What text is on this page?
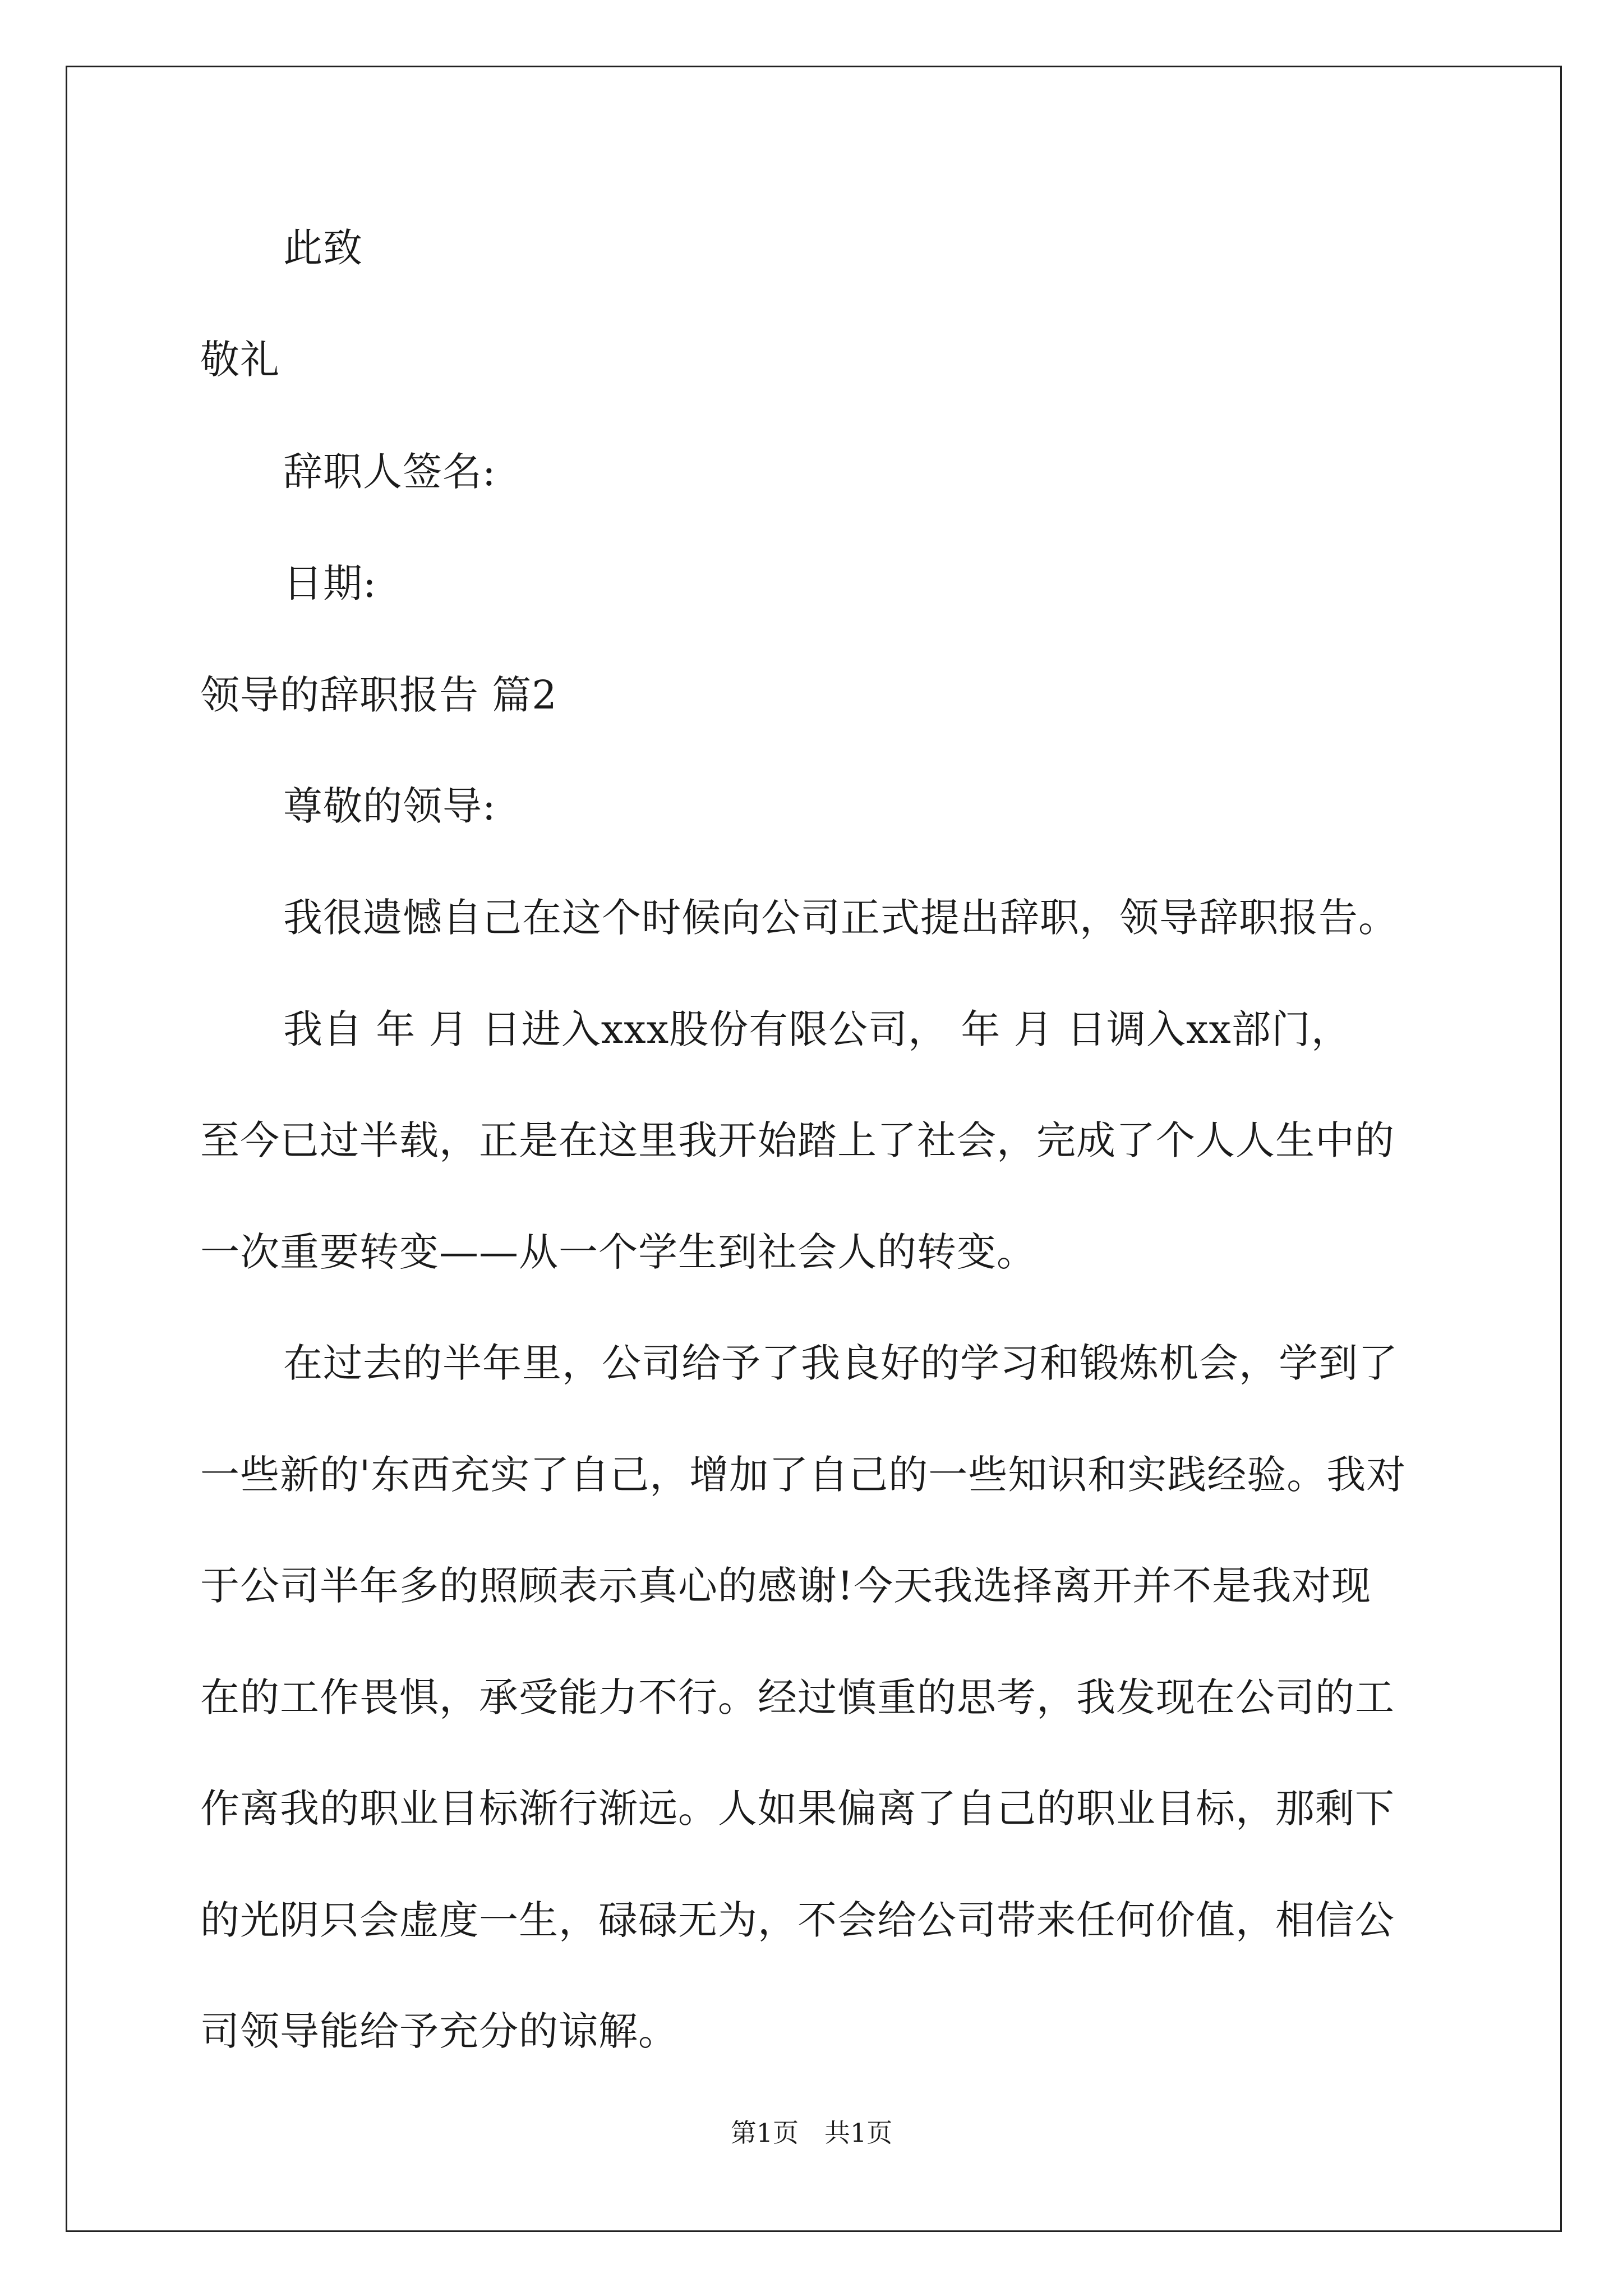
此致
敬礼
辞职人签名:
日期:
领导的辞职报告 篇2
尊敬的领导:
我很遗憾自己在这个时候向公司正式提出辞职，领导辞职报告。
我自 年 月 日进入xxx股份有限公司， 年 月 日调入xx部门，
至今已过半载，正是在这里我开始踏上了社会，完成了个人人生中的
一次重要转变——从一个学生到社会人的转变。
在过去的半年里，公司给予了我良好的学习和锻炼机会，学到了
一些新的'东西充实了自己，增加了自己的一些知识和实践经验。我对
于公司半年多的照顾表示真心的感谢!今天我选择离开并不是我对现
在的工作畏惧，承受能力不行。经过慎重的思考，我发现在公司的工
作离我的职业目标渐行渐远。人如果偏离了自己的职业目标，那剩下
的光阴只会虚度一生，碌碌无为，不会给公司带来任何价值，相信公
司领导能给予充分的谅解。
第1页　共1页
